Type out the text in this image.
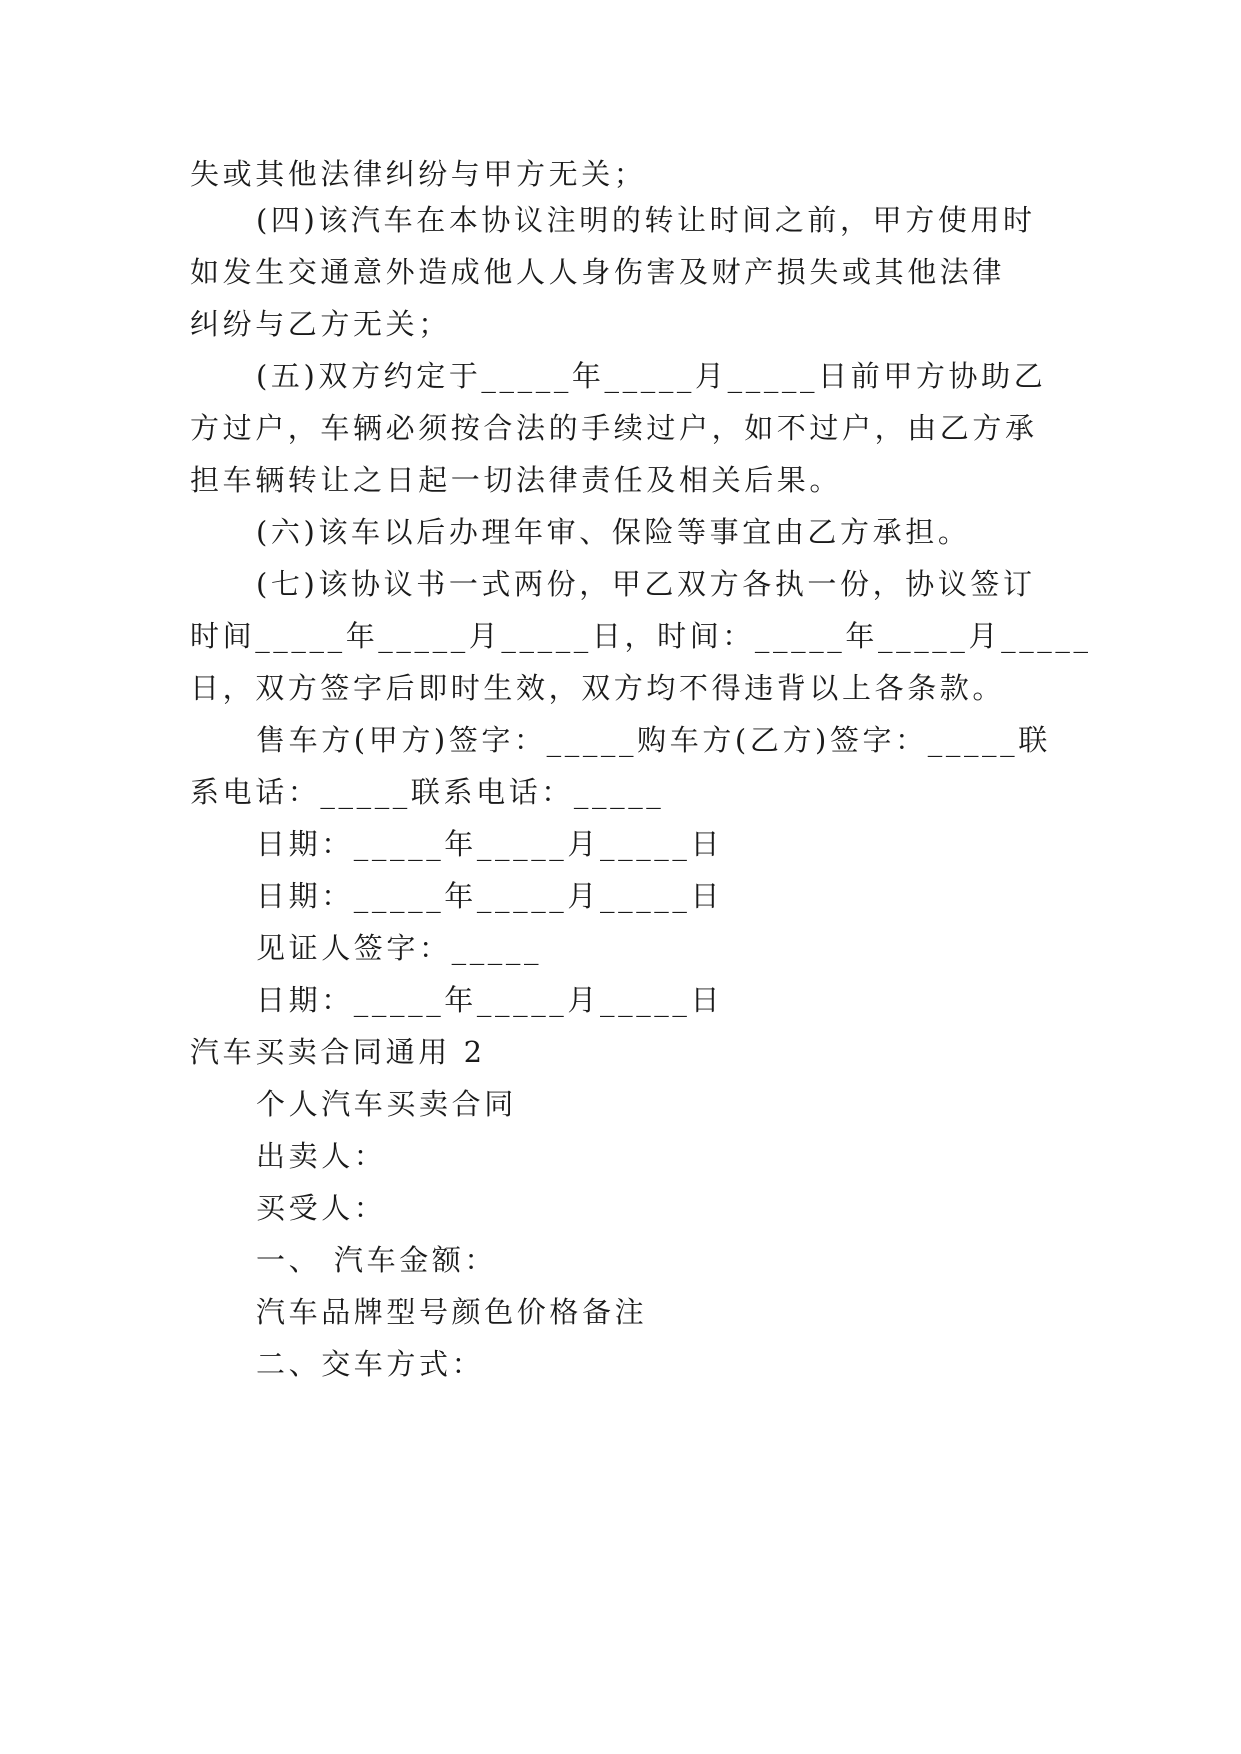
失或其他法律纠纷与甲方无关；
(四)该汽车在本协议注明的转让时间之前，甲方使用时
如发生交通意外造成他人人身伤害及财产损失或其他法律
纠纷与乙方无关；
(五)双方约定于_____年_____月_____日前甲方协助乙
方过户，车辆必须按合法的手续过户，如不过户，由乙方承
担车辆转让之日起一切法律责任及相关后果。
(六)该车以后办理年审、保险等事宜由乙方承担。
(七)该协议书一式两份，甲乙双方各执一份，协议签订
时间_____年_____月_____日，时间：_____年_____月_____
日，双方签字后即时生效，双方均不得违背以上各条款。
售车方(甲方)签字：_____购车方(乙方)签字：_____联
系电话：_____联系电话：_____
日期：_____年_____月_____日
日期：_____年_____月_____日
见证人签字：_____
日期：_____年_____月_____日
汽车买卖合同通用 2
个人汽车买卖合同
出卖人：
买受人：
一、 汽车金额：
汽车品牌型号颜色价格备注
二、交车方式：
